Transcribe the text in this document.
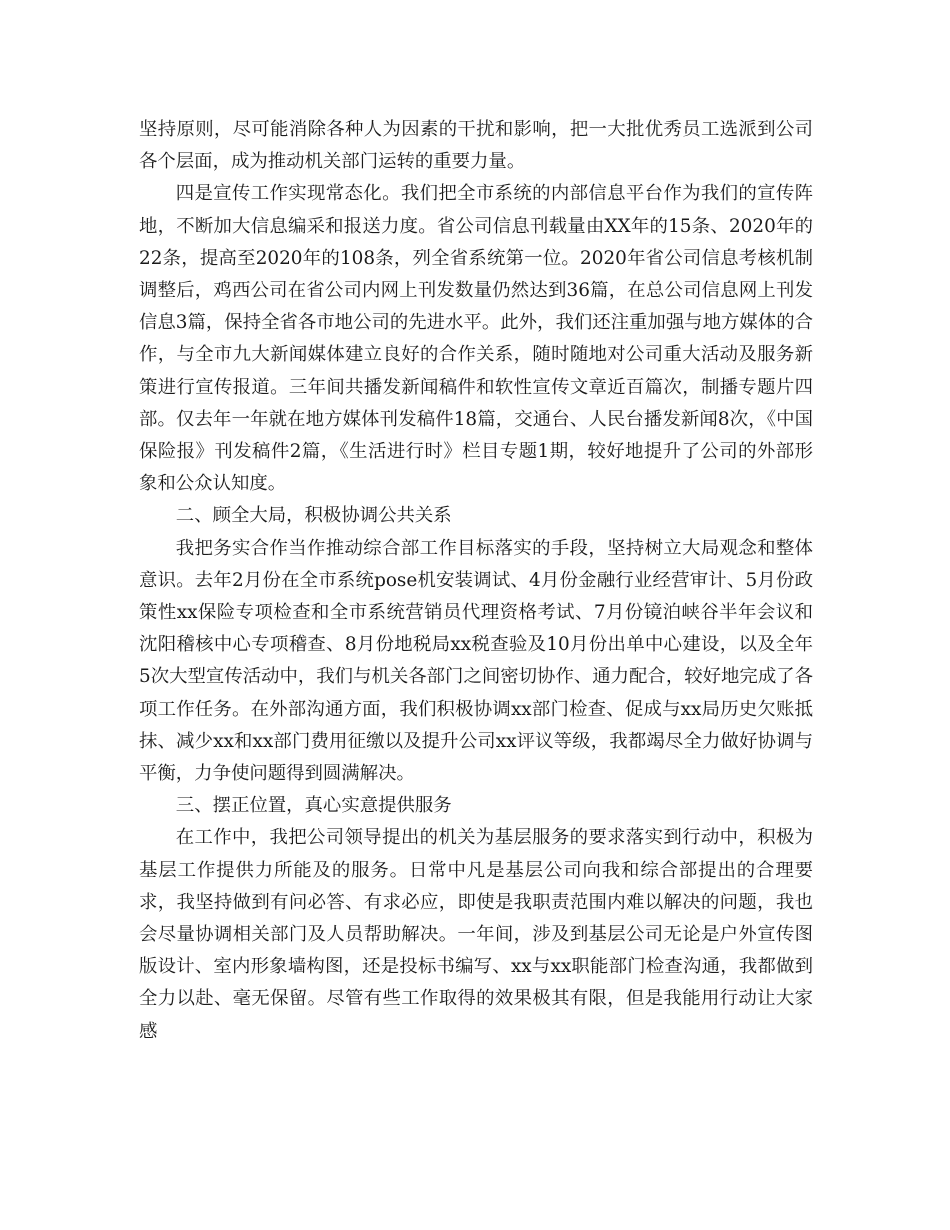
坚持原则，尽可能消除各种人为因素的干扰和影响，把一大批优秀员工选派到公司各个层面，成为推动机关部门运转的重要力量。

四是宣传工作实现常态化。我们把全市系统的内部信息平台作为我们的宣传阵地，不断加大信息编采和报送力度。省公司信息刊载量由XX年的15条、2020年的22条，提高至2020年的108条，列全省系统第一位。2020年省公司信息考核机制调整后，鸡西公司在省公司内网上刊发数量仍然达到36篇，在总公司信息网上刊发信息3篇，保持全省各市地公司的先进水平。此外，我们还注重加强与地方媒体的合作，与全市九大新闻媒体建立良好的合作关系，随时随地对公司重大活动及服务新策进行宣传报道。三年间共播发新闻稿件和软性宣传文章近百篇次，制播专题片四部。仅去年一年就在地方媒体刊发稿件18篇，交通台、人民台播发新闻8次，《中国保险报》刊发稿件2篇，《生活进行时》栏目专题1期，较好地提升了公司的外部形象和公众认知度。

二、顾全大局，积极协调公共关系

我把务实合作当作推动综合部工作目标落实的手段，坚持树立大局观念和整体意识。去年2月份在全市系统pose机安装调试、4月份金融行业经营审计、5月份政策性xx保险专项检查和全市系统营销员代理资格考试、7月份镜泊峡谷半年会议和沈阳稽核中心专项稽查、8月份地税局xx税查验及10月份出单中心建设，以及全年5次大型宣传活动中，我们与机关各部门之间密切协作、通力配合，较好地完成了各项工作任务。在外部沟通方面，我们积极协调xx部门检查、促成与xx局历史欠账抵抹、减少xx和xx部门费用征缴以及提升公司xx评议等级，我都竭尽全力做好协调与平衡，力争使问题得到圆满解决。

三、摆正位置，真心实意提供服务

在工作中，我把公司领导提出的机关为基层服务的要求落实到行动中，积极为基层工作提供力所能及的服务。日常中凡是基层公司向我和综合部提出的合理要求，我坚持做到有问必答、有求必应，即使是我职责范围内难以解决的问题，我也会尽量协调相关部门及人员帮助解决。一年间，涉及到基层公司无论是户外宣传图版设计、室内形象墙构图，还是投标书编写、xx与xx职能部门检查沟通，我都做到全力以赴、毫无保留。尽管有些工作取得的效果极其有限，但是我能用行动让大家感
